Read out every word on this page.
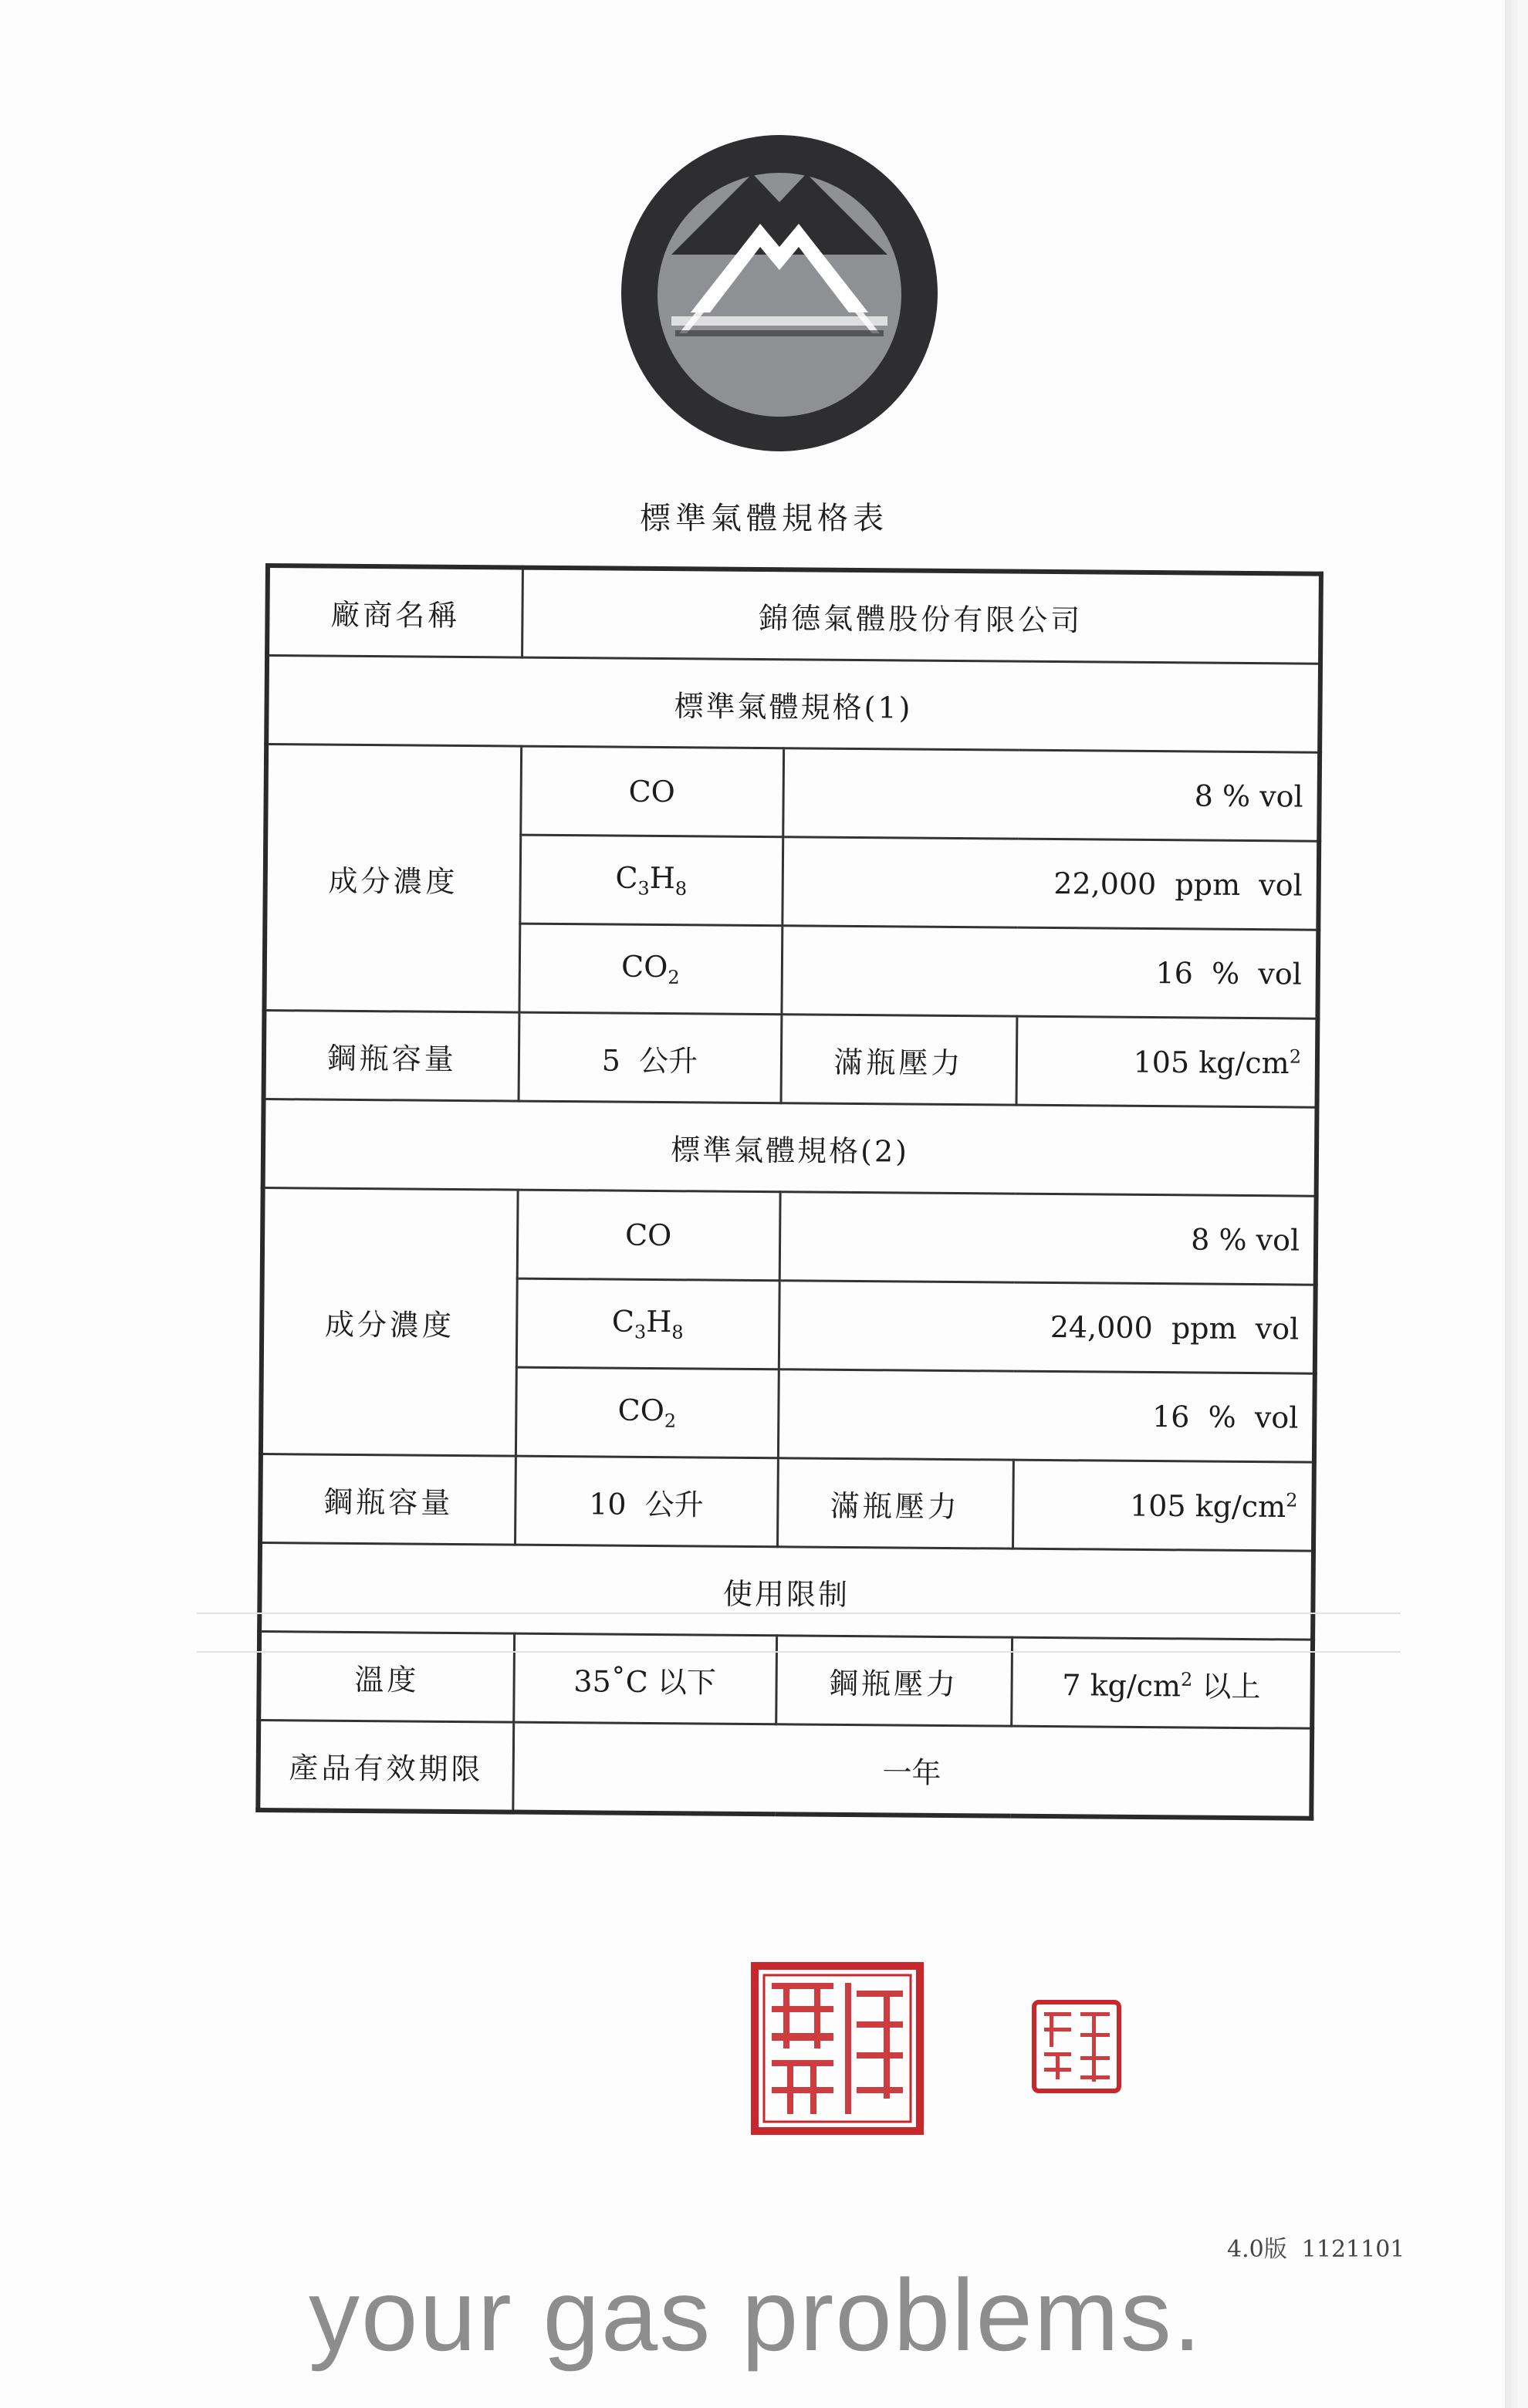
標準氣體規格表
廠商名稱	錦德氣體股份有限公司		
標準氣體規格(1)			
成分濃度	CO	8 % vol	
	$C_3H_8$	22,000  ppm  vol	
	$CO_2$	16  %  vol	
鋼瓶容量	5  公升	滿瓶壓力	105 $kg/cm^2$
標準氣體規格(2)			
成分濃度	CO	8 % vol	
	$C_3H_8$	24,000  ppm  vol	
	$CO_2$	16  %  vol	
鋼瓶容量	10  公升	滿瓶壓力	105 $kg/cm^2$
使用限制			
溫度	35˚C 以下	鋼瓶壓力	7 $kg/cm^2$ 以上
產品有效期限	一年		
4.0版  1121101
your gas problems.
